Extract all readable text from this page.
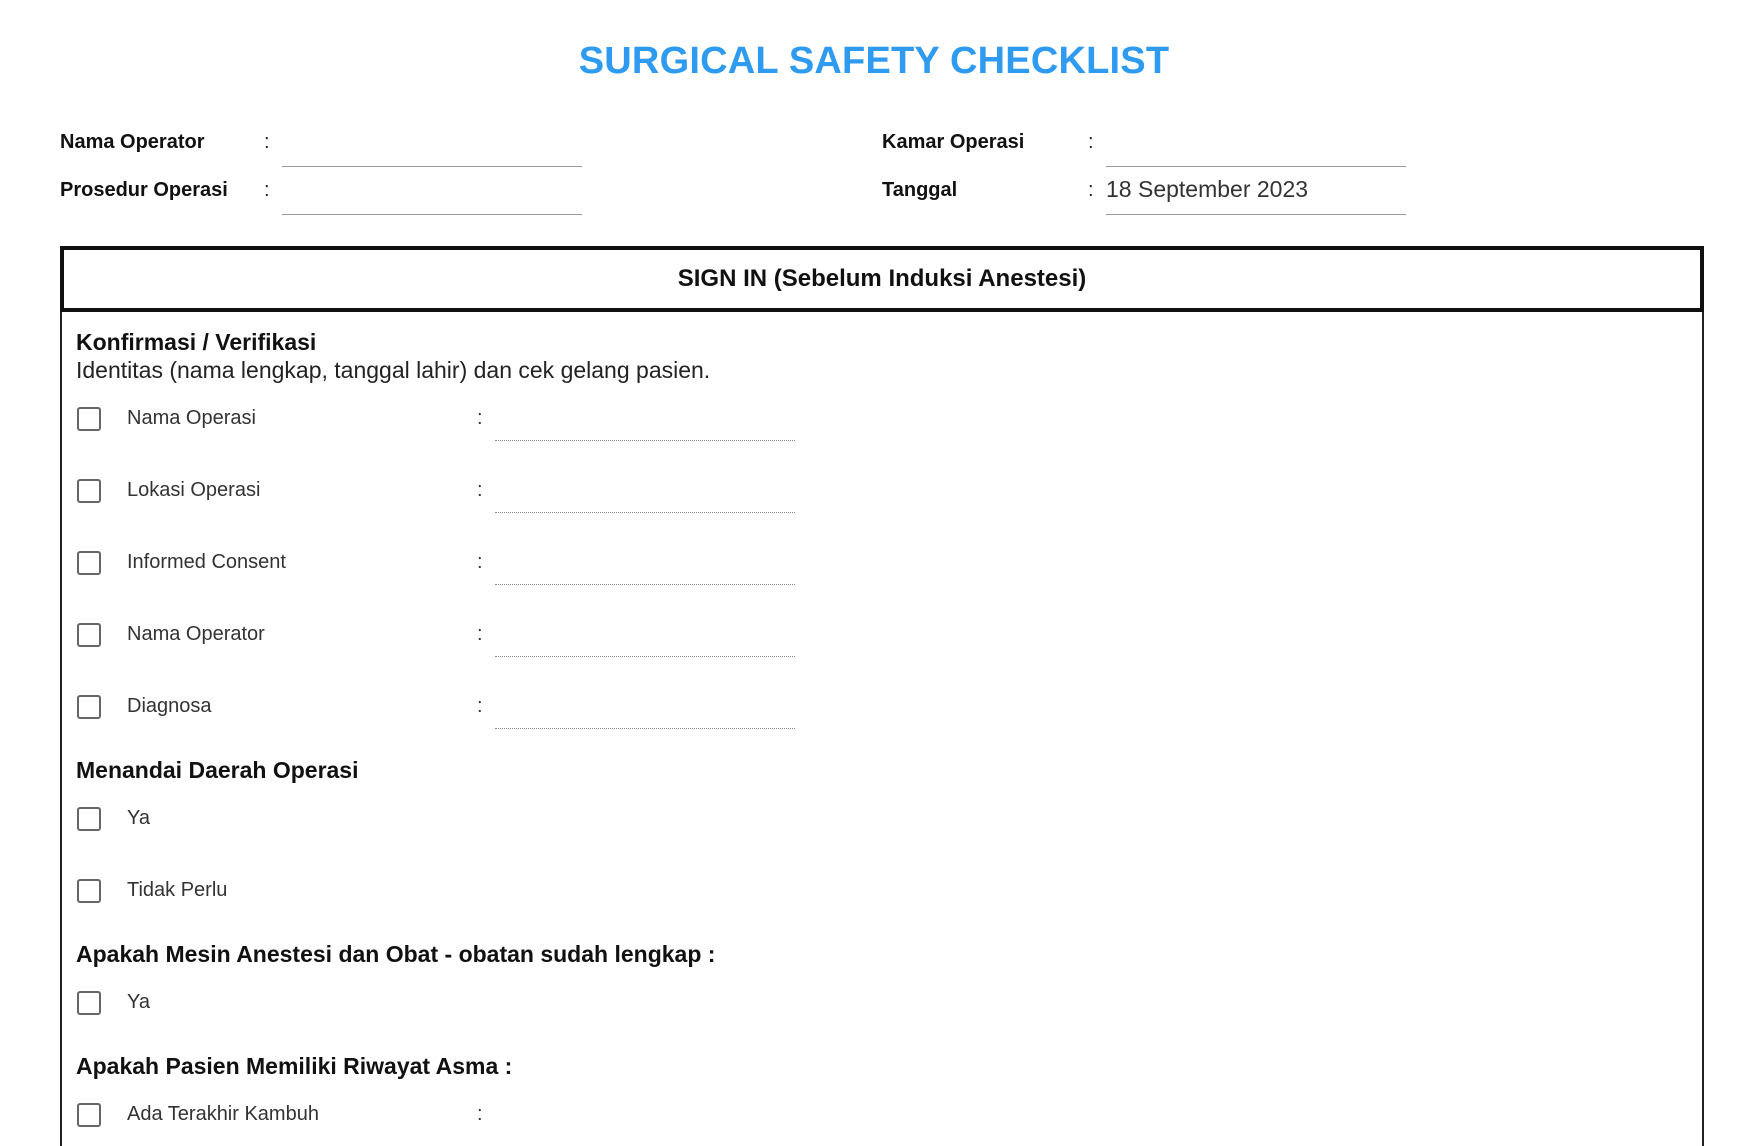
SURGICAL SAFETY CHECKLIST
Nama Operator	:
Prosedur Operasi :
Kamar Operasi	:
Tanggal	: 18 September 2023
SIGN IN (Sebelum Induksi Anestesi)
Konfirmasi / Verifikasi
Identitas (nama lengkap, tanggal lahir) dan cek gelang pasien.
Nama Operasi	:
Lokasi Operasi	:
Informed Consent	:
Nama Operator	:
Diagnosa	:
Menandai Daerah Operasi
Ya
Tidak Perlu
Apakah Mesin Anestesi dan Obat - obatan sudah lengkap :
Ya
Apakah Pasien Memiliki Riwayat Asma :
Ada Terakhir Kambuh	:
